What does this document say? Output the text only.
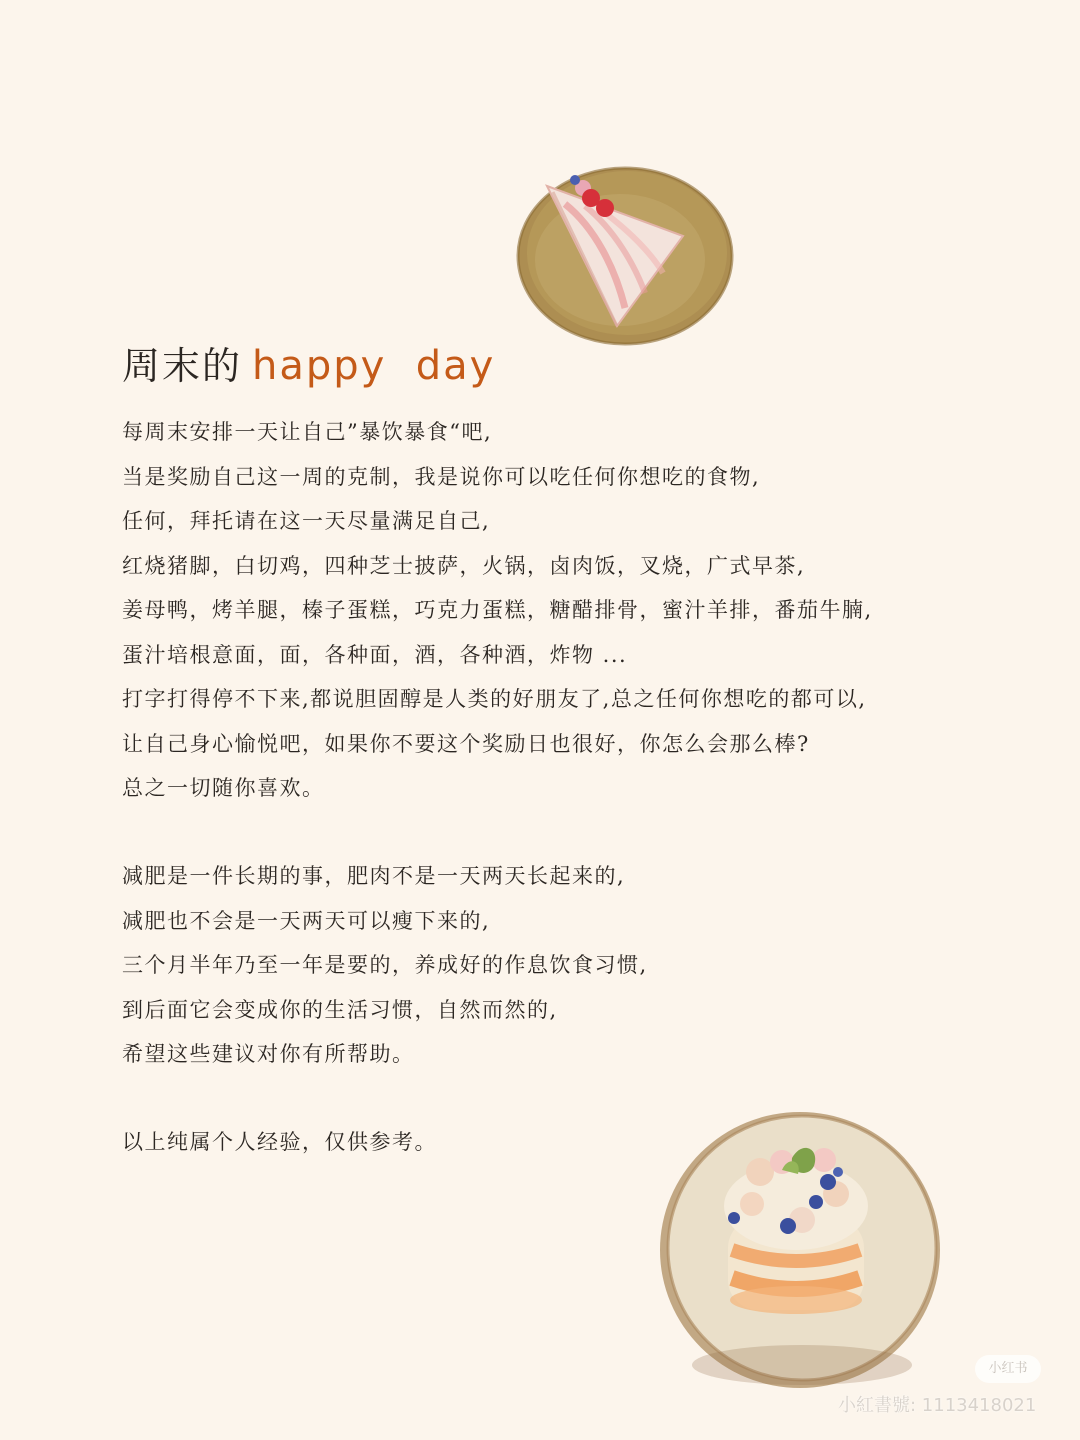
周末的 happy  day
每周末安排一天让自己”暴饮暴食“吧,
当是奖励自己这一周的克制，我是说你可以吃任何你想吃的食物,
任何，拜托请在这一天尽量满足自己,
红烧猪脚，白切鸡，四种芝士披萨，火锅，卤肉饭，叉烧，广式早茶,
姜母鸭，烤羊腿，榛子蛋糕，巧克力蛋糕，糖醋排骨，蜜汁羊排，番茄牛腩,
蛋汁培根意面，面，各种面，酒，各种酒，炸物 ...
打字打得停不下来,都说胆固醇是人类的好朋友了,总之任何你想吃的都可以,
让自己身心愉悦吧，如果你不要这个奖励日也很好，你怎么会那么棒?
总之一切随你喜欢。
减肥是一件长期的事，肥肉不是一天两天长起来的,
减肥也不会是一天两天可以瘦下来的,
三个月半年乃至一年是要的，养成好的作息饮食习惯,
到后面它会变成你的生活习惯，自然而然的,
希望这些建议对你有所帮助。
以上纯属个人经验，仅供参考。
小红书
小紅書號: 1113418021
